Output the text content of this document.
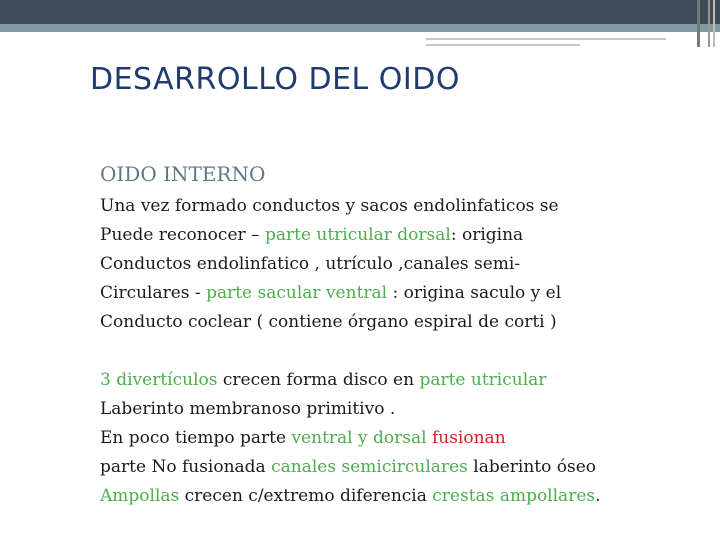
DESARROLLO DEL OIDO
OIDO INTERNO
Una vez formado conductos y sacos endolinfaticos se
Puede reconocer – parte utricular dorsal: origina
Conductos endolinfatico , utrículo ,canales semi-
Circulares - parte sacular ventral : origina saculo y el
Conducto coclear ( contiene órgano espiral de corti )
3 divertículos crecen forma disco en parte utricular
Laberinto membranoso primitivo .
En poco tiempo parte ventral y dorsal fusionan
parte No fusionada canales semicirculares laberinto óseo
Ampollas crecen c/extremo diferencia crestas ampollares.
